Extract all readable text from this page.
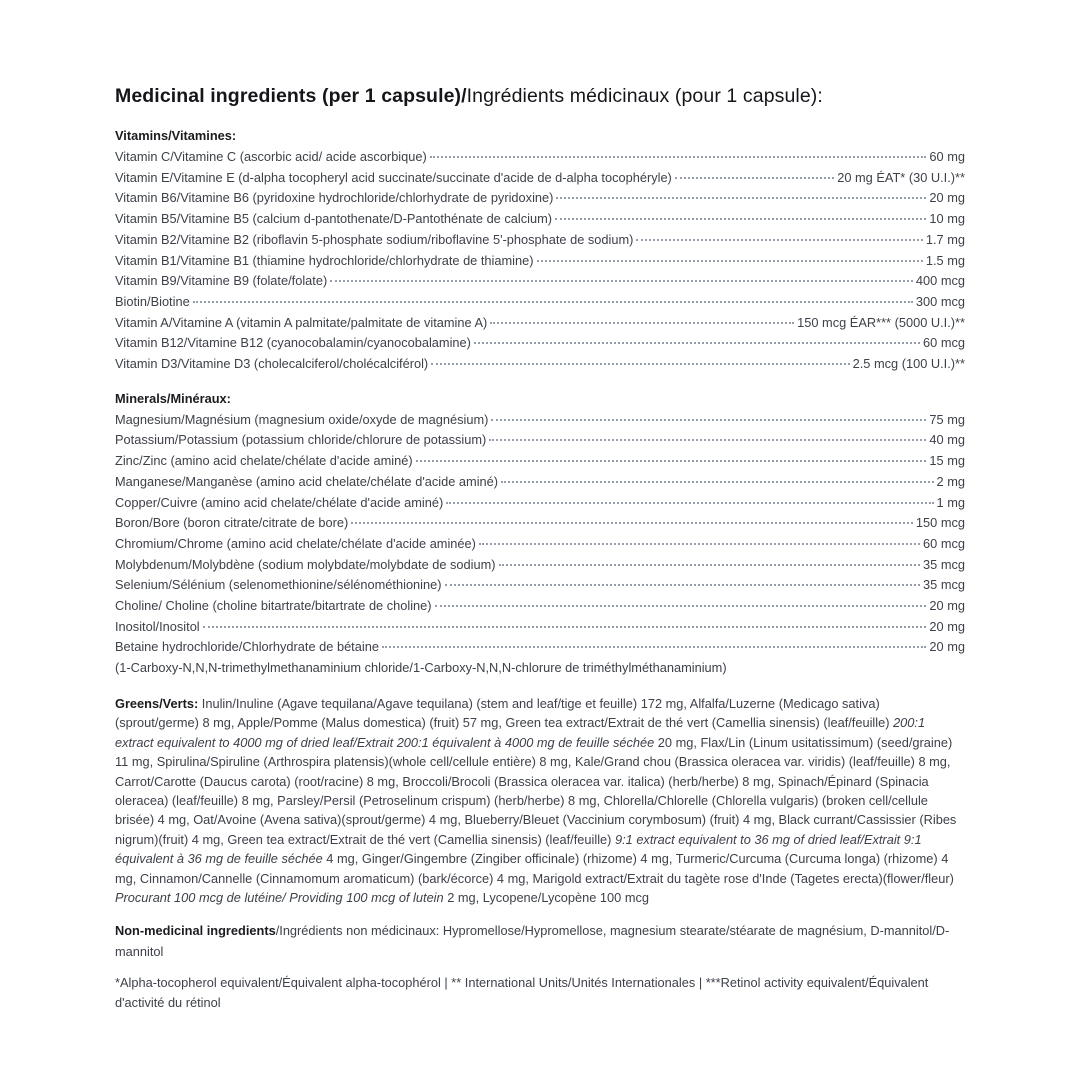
Medicinal ingredients (per 1 capsule)/Ingrédients médicinaux (pour 1 capsule):
Vitamins/Vitamines:
Vitamin C/Vitamine C (ascorbic acid/ acide ascorbique)	60 mg
Vitamin E/Vitamine E (d-alpha tocopheryl acid succinate/succinate d'acide de d-alpha tocophéryle)	20 mg ÉAT* (30 U.I.)**
Vitamin B6/Vitamine B6 (pyridoxine hydrochloride/chlorhydrate de pyridoxine)	20 mg
Vitamin B5/Vitamine B5 (calcium d-pantothenate/D-Pantothénate de calcium)	10 mg
Vitamin B2/Vitamine B2 (riboflavin 5-phosphate sodium/riboflavine 5'-phosphate de sodium)	1.7 mg
Vitamin B1/Vitamine B1 (thiamine hydrochloride/chlorhydrate de thiamine)	1.5 mg
Vitamin B9/Vitamine B9 (folate/folate)	400 mcg
Biotin/Biotine	300 mcg
Vitamin A/Vitamine A (vitamin A palmitate/palmitate de vitamine A)	150 mcg ÉAR*** (5000 U.I.)**
Vitamin B12/Vitamine B12 (cyanocobalamin/cyanocobalamine)	60 mcg
Vitamin D3/Vitamine D3 (cholecalciferol/cholécalciférol)	2.5 mcg (100 U.I.)**
Minerals/Minéraux:
Magnesium/Magnésium (magnesium oxide/oxyde de magnésium)	75 mg
Potassium/Potassium (potassium chloride/chlorure de potassium)	40 mg
Zinc/Zinc (amino acid chelate/chélate d'acide aminé)	15 mg
Manganese/Manganèse (amino acid chelate/chélate d'acide aminé)	2 mg
Copper/Cuivre (amino acid chelate/chélate d'acide aminé)	1 mg
Boron/Bore (boron citrate/citrate de bore)	150 mcg
Chromium/Chrome (amino acid chelate/chélate d'acide aminée)	60 mcg
Molybdenum/Molybdène (sodium molybdate/molybdate de sodium)	35 mcg
Selenium/Sélénium (selenomethionine/sélénométhionine)	35 mcg
Choline/ Choline (choline bitartrate/bitartrate de choline)	20 mg
Inositol/Inositol	20 mg
Betaine hydrochloride/Chlorhydrate de bétaine	20 mg
(1-Carboxy-N,N,N-trimethylmethanaminium chloride/1-Carboxy-N,N,N-chlorure de triméthylméthanaminium)

Greens/Verts: Inulin/Inuline (Agave tequilana/Agave tequilana) (stem and leaf/tige et feuille) 172 mg, Alfalfa/Luzerne (Medicago sativa) (sprout/germe) 8 mg, Apple/Pomme (Malus domestica) (fruit) 57 mg, Green tea extract/Extrait de thé vert (Camellia sinensis) (leaf/feuille) 200:1 extract equivalent to 4000 mg of dried leaf/Extrait 200:1 équivalent à 4000 mg de feuille séchée 20 mg, Flax/Lin (Linum usitatissimum) (seed/graine) 11 mg, Spirulina/Spiruline (Arthrospira platensis)(whole cell/cellule entière) 8 mg, Kale/Grand chou (Brassica oleracea var. viridis) (leaf/feuille) 8 mg, Carrot/Carotte (Daucus carota) (root/racine) 8 mg, Broccoli/Brocoli (Brassica oleracea var. italica) (herb/herbe) 8 mg, Spinach/Épinard (Spinacia oleracea) (leaf/feuille) 8 mg, Parsley/Persil (Petroselinum crispum) (herb/herbe) 8 mg, Chlorella/Chlorelle (Chlorella vulgaris) (broken cell/cellule brisée) 4 mg, Oat/Avoine (Avena sativa)(sprout/germe) 4 mg, Blueberry/Bleuet (Vaccinium corymbosum) (fruit) 4 mg, Black currant/Cassissier (Ribes nigrum)(fruit) 4 mg, Green tea extract/Extrait de thé vert (Camellia sinensis) (leaf/feuille) 9:1 extract equivalent to 36 mg of dried leaf/Extrait 9:1 équivalent à 36 mg de feuille séchée 4 mg, Ginger/Gingembre (Zingiber officinale) (rhizome) 4 mg, Turmeric/Curcuma (Curcuma longa) (rhizome) 4 mg, Cinnamon/Cannelle (Cinnamomum aromaticum) (bark/écorce) 4 mg, Marigold extract/Extrait du tagète rose d'Inde (Tagetes erecta)(flower/fleur) Procurant 100 mcg de lutéine/ Providing 100 mcg of lutein 2 mg, Lycopene/Lycopène 100 mcg

Non-medicinal ingredients/Ingrédients non médicinaux: Hypromellose/Hypromellose, magnesium stearate/stéarate de magnésium, D-mannitol/D-mannitol

*Alpha-tocopherol equivalent/Équivalent alpha-tocophérol | ** International Units/Unités Internationales | ***Retinol activity equivalent/Équivalent d'activité du rétinol
